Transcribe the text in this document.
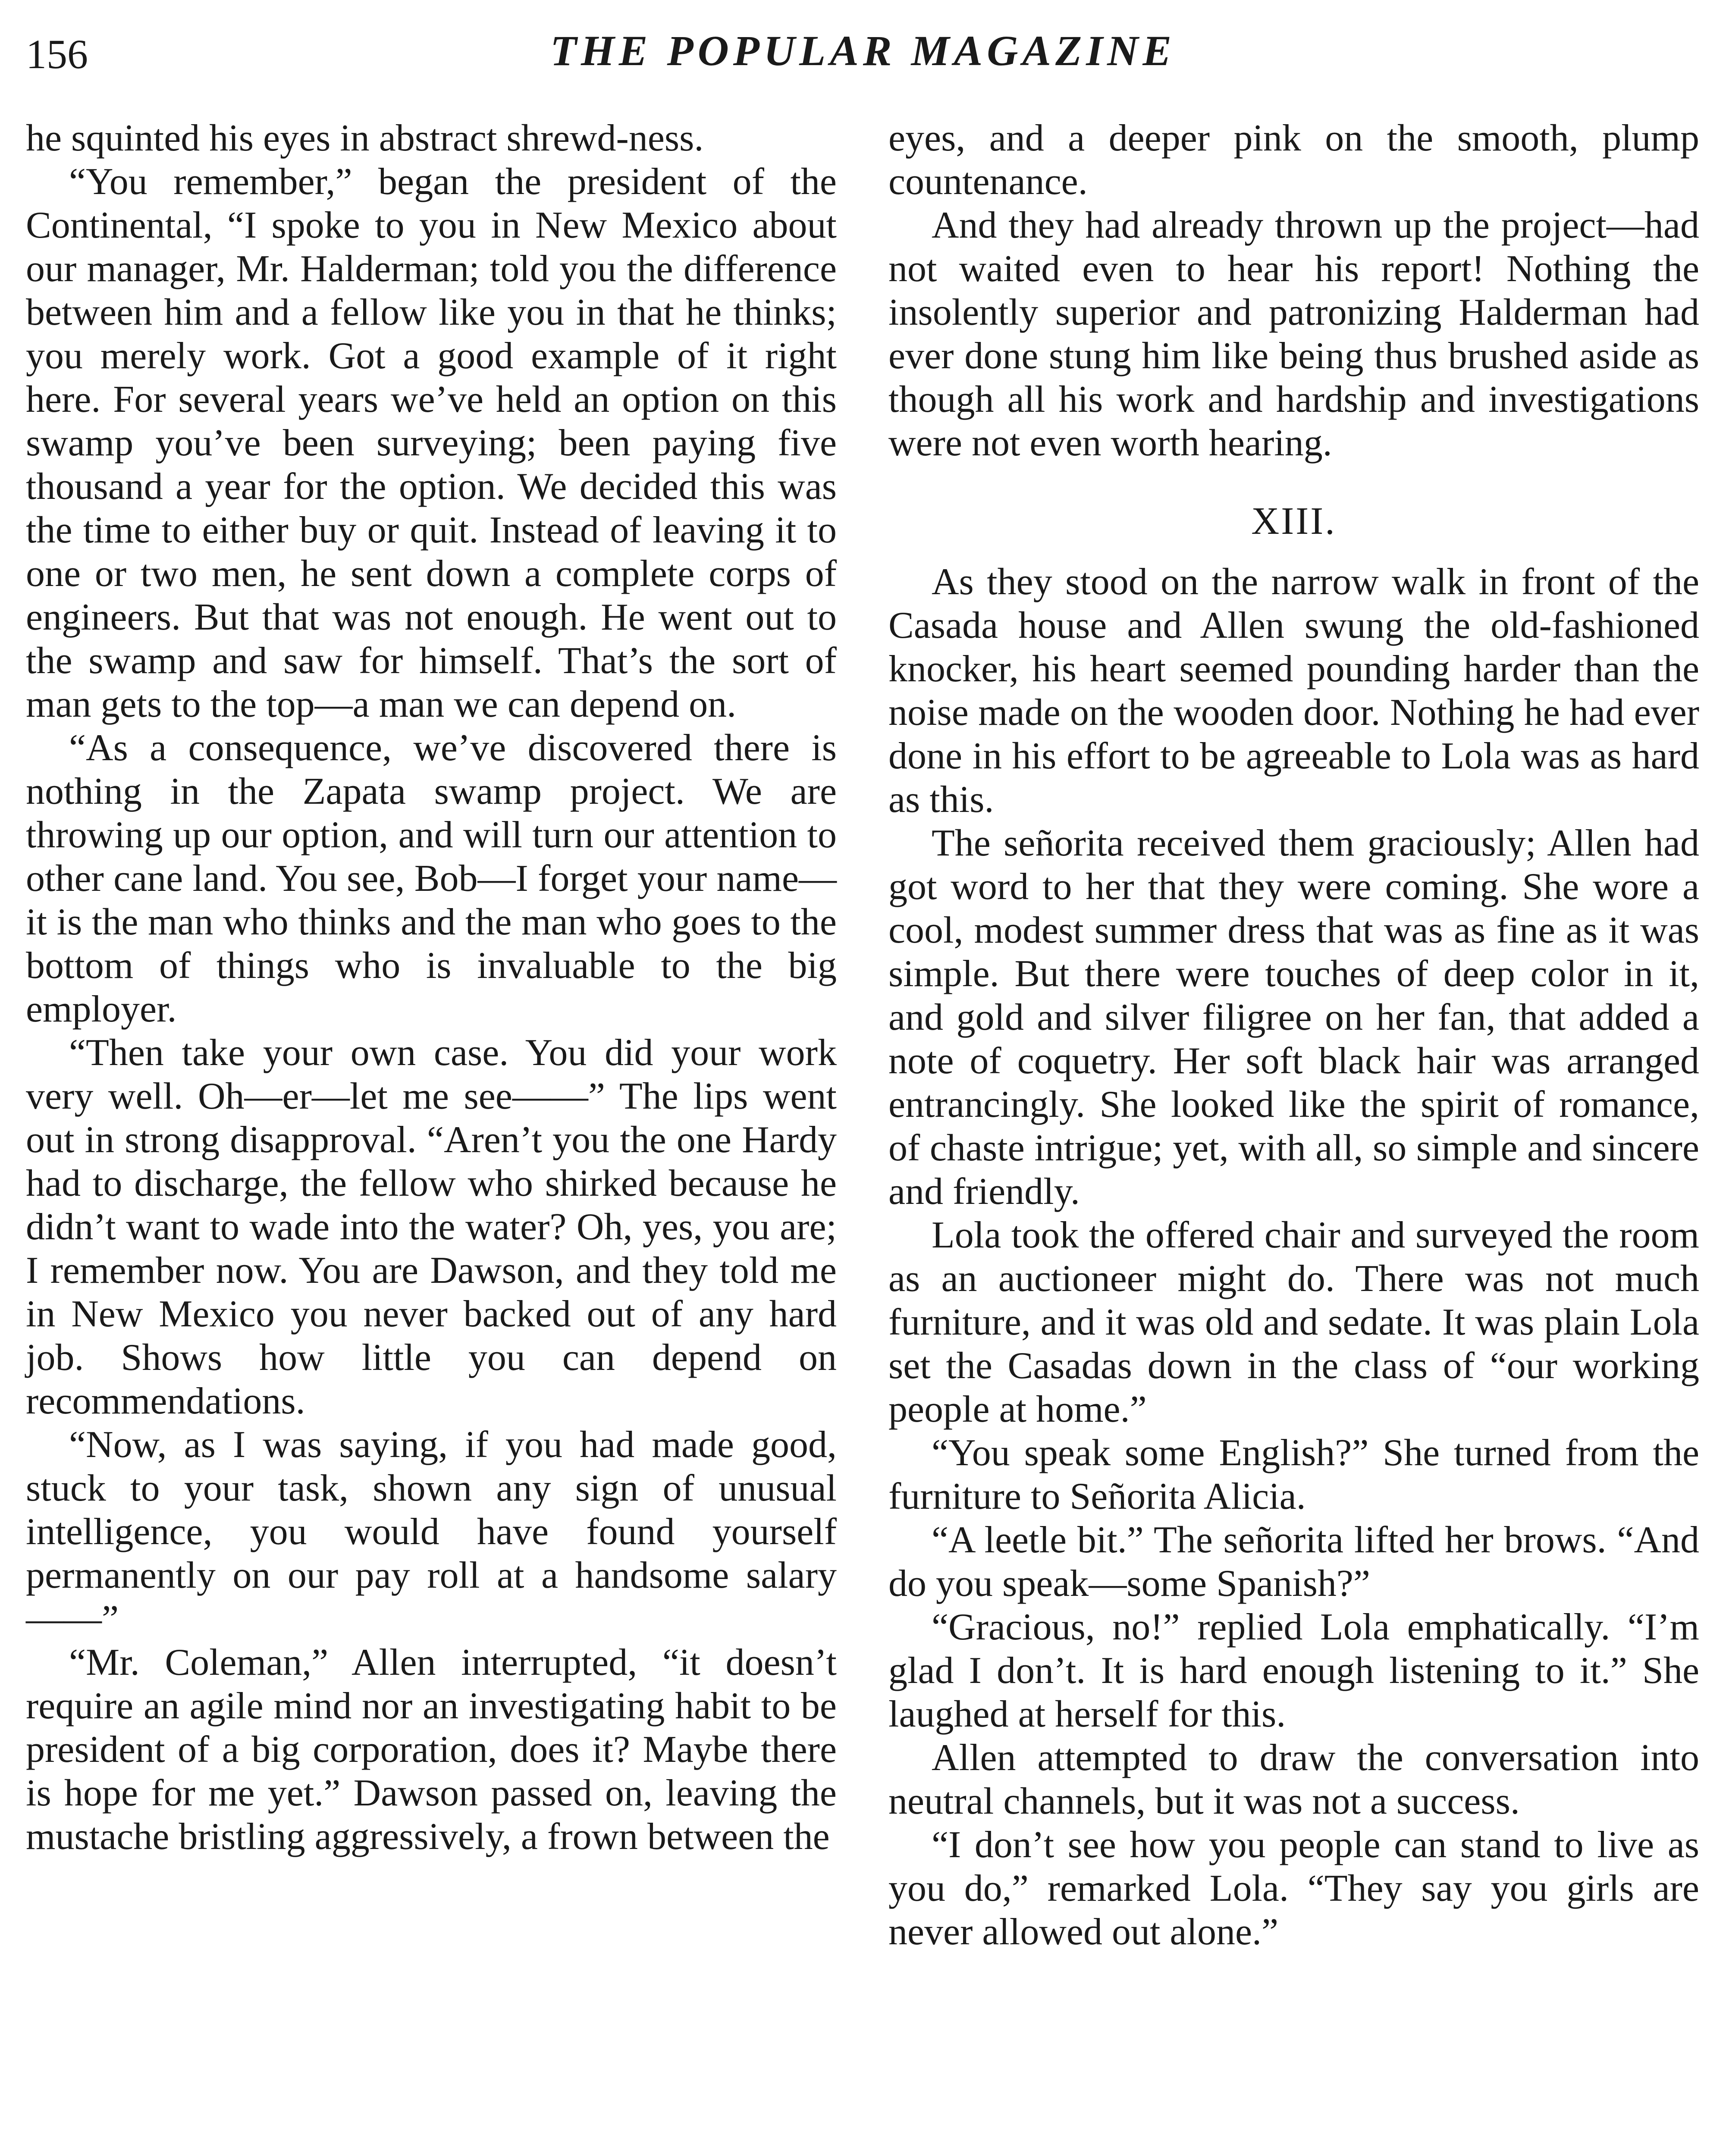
156	THE POPULAR MAGAZINE

he squinted his eyes in abstract shrewd-ness.

“You remember,” began the president of the Continental, “I spoke to you in New Mexico about our manager, Mr. Halderman; told you the difference between him and a fellow like you in that he thinks; you merely work. Got a good example of it right here. For several years we’ve held an option on this swamp you’ve been surveying; been paying five thousand a year for the option. We decided this was the time to either buy or quit. Instead of leaving it to one or two men, he sent down a complete corps of engineers. But that was not enough. He went out to the swamp and saw for himself. That’s the sort of man gets to the top—a man we can depend on.

“As a consequence, we’ve discovered there is nothing in the Zapata swamp project. We are throwing up our option, and will turn our attention to other cane land. You see, Bob—I forget your name—it is the man who thinks and the man who goes to the bottom of things who is invaluable to the big employer.

“Then take your own case. You did your work very well. Oh—er—let me see——” The lips went out in strong disapproval. “Aren’t you the one Hardy had to discharge, the fellow who shirked because he didn’t want to wade into the water? Oh, yes, you are; I remember now. You are Dawson, and they told me in New Mexico you never backed out of any hard job. Shows how little you can depend on recommendations.

“Now, as I was saying, if you had made good, stuck to your task, shown any sign of unusual intelligence, you would have found yourself permanently on our pay roll at a handsome salary ——”

“Mr. Coleman,” Allen interrupted, “it doesn’t require an agile mind nor an investigating habit to be president of a big corporation, does it? Maybe there is hope for me yet.” Dawson passed on, leaving the mustache bristling aggressively, a frown between the

eyes, and a deeper pink on the smooth, plump countenance.

And they had already thrown up the project—had not waited even to hear his report! Nothing the insolently superior and patronizing Halderman had ever done stung him like being thus brushed aside as though all his work and hardship and investigations were not even worth hearing.

XIII.

As they stood on the narrow walk in front of the Casada house and Allen swung the old-fashioned knocker, his heart seemed pounding harder than the noise made on the wooden door. Nothing he had ever done in his effort to be agreeable to Lola was as hard as this.

The señorita received them graciously; Allen had got word to her that they were coming. She wore a cool, modest summer dress that was as fine as it was simple. But there were touches of deep color in it, and gold and silver filigree on her fan, that added a note of coquetry. Her soft black hair was arranged entrancingly. She looked like the spirit of romance, of chaste intrigue; yet, with all, so simple and sincere and friendly.

Lola took the offered chair and surveyed the room as an auctioneer might do. There was not much furniture, and it was old and sedate. It was plain Lola set the Casadas down in the class of “our working people at home.”

“You speak some English?” She turned from the furniture to Señorita Alicia.

“A leetle bit.” The señorita lifted her brows. “And do you speak—some Spanish?”

“Gracious, no!” replied Lola emphatically. “I’m glad I don’t. It is hard enough listening to it.” She laughed at herself for this.

Allen attempted to draw the conversation into neutral channels, but it was not a success.

“I don’t see how you people can stand to live as you do,” remarked Lola. “They say you girls are never allowed out alone.”
